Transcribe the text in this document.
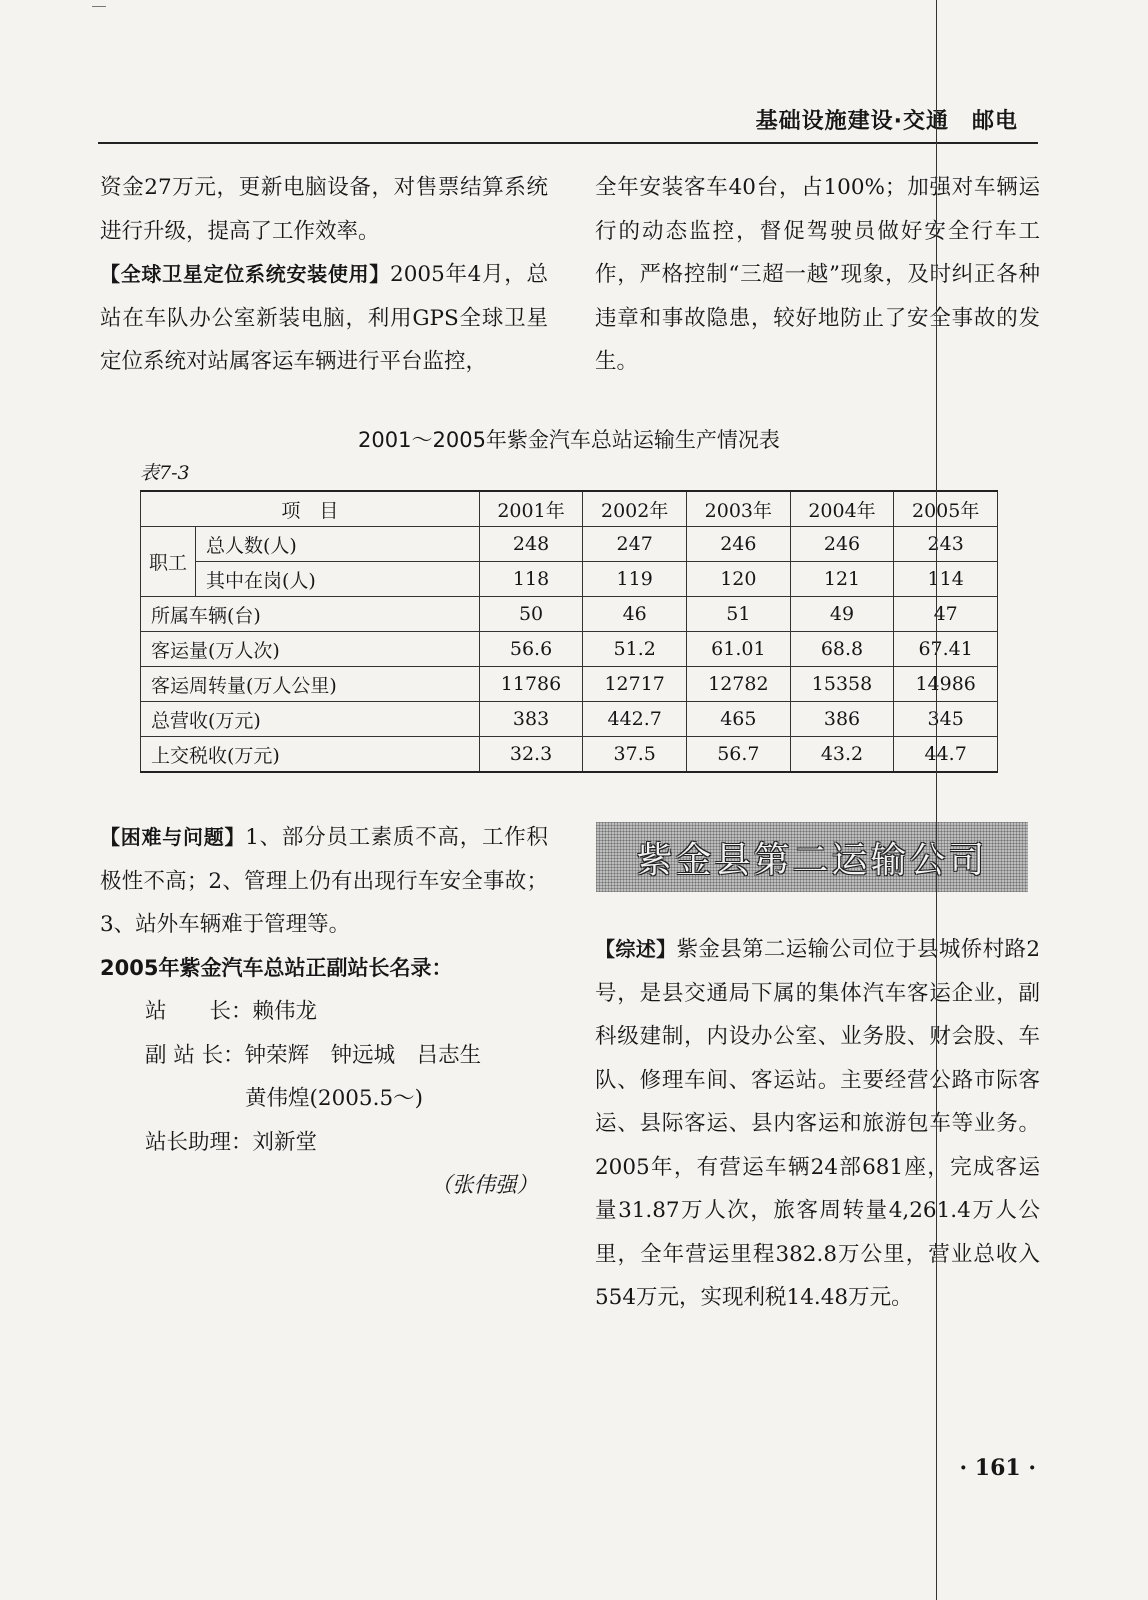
基础设施建设·交通　邮电
资金27万元，更新电脑设备，对售票结算系统进行升级，提高了工作效率。
【全球卫星定位系统安装使用】2005年4月，总站在车队办公室新装电脑，利用GPS全球卫星定位系统对站属客运车辆进行平台监控，
全年安装客车40台，占100%；加强对车辆运行的动态监控，督促驾驶员做好安全行车工作，严格控制“三超一越”现象，及时纠正各种违章和事故隐患，较好地防止了安全事故的发生。
2001～2005年紫金汽车总站运输生产情况表
表7-3
项　目		2001年	2002年	2003年	2004年	2005年
职工	总人数(人)	248	247	246	246	243
	其中在岗(人)	118	119	120	121	114
所属车辆(台)		50	46	51	49	47
客运量(万人次)		56.6	51.2	61.01	68.8	67.41
客运周转量(万人公里)		11786	12717	12782	15358	14986
总营收(万元)		383	442.7	465	386	345
上交税收(万元)		32.3	37.5	56.7	43.2	44.7
【困难与问题】1、部分员工素质不高，工作积极性不高；2、管理上仍有出现行车安全事故；3、站外车辆难于管理等。
2005年紫金汽车总站正副站长名录：
站　　长：赖伟龙
副 站 长：钟荣辉　钟远城　吕志生
黄伟煌(2005.5～)
站长助理：刘新堂
（张伟强）
紫金县第二运输公司
【综述】紫金县第二运输公司位于县城侨村路2号，是县交通局下属的集体汽车客运企业，副科级建制，内设办公室、业务股、财会股、车队、修理车间、客运站。主要经营公路市际客运、县际客运、县内客运和旅游包车等业务。2005年，有营运车辆24部681座，完成客运量31.87万人次，旅客周转量4,261.4万人公里，全年营运里程382.8万公里，营业总收入554万元，实现利税14.48万元。
· 161 ·
